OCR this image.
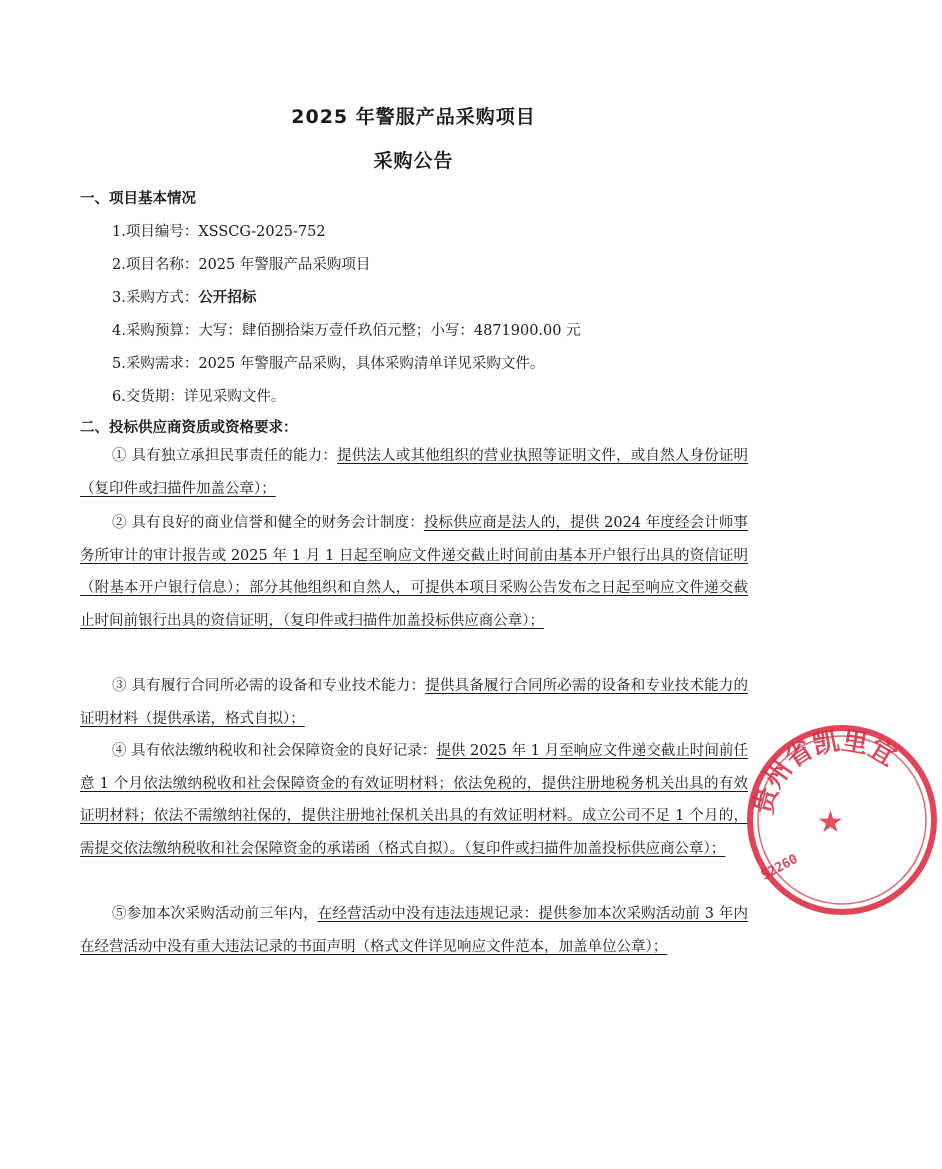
2025 年警服产品采购项目
采购公告
一、项目基本情况
1.项目编号：XSSCG-2025-752
2.项目名称：2025 年警服产品采购项目
3.采购方式：公开招标
4.采购预算：大写：肆佰捌拾柒万壹仟玖佰元整；小写：4871900.00 元
5.采购需求：2025 年警服产品采购，具体采购清单详见采购文件。
6.交货期：详见采购文件。
二、投标供应商资质或资格要求：
① 具有独立承担民事责任的能力：提供法人或其他组织的营业执照等证明文件，或自然人身份证明（复印件或扫描件加盖公章）；
② 具有良好的商业信誉和健全的财务会计制度：投标供应商是法人的，提供 2024 年度经会计师事务所审计的审计报告或 2025 年 1 月 1 日起至响应文件递交截止时间前由基本开户银行出具的资信证明（附基本开户银行信息）；部分其他组织和自然人，可提供本项目采购公告发布之日起至响应文件递交截止时间前银行出具的资信证明，（复印件或扫描件加盖投标供应商公章）；
③ 具有履行合同所必需的设备和专业技术能力：提供具备履行合同所必需的设备和专业技术能力的证明材料（提供承诺，格式自拟）；
④ 具有依法缴纳税收和社会保障资金的良好记录：提供 2025 年 1 月至响应文件递交截止时间前任意 1 个月依法缴纳税收和社会保障资金的有效证明材料；依法免税的，提供注册地税务机关出具的有效证明材料；依法不需缴纳社保的，提供注册地社保机关出具的有效证明材料。成立公司不足 1 个月的，需提交依法缴纳税收和社会保障资金的承诺函（格式自拟）。（复印件或扫描件加盖投标供应商公章）；
⑤参加本次采购活动前三年内，在经营活动中没有违法违规记录：提供参加本次采购活动前 3 年内在经营活动中没有重大违法记录的书面声明（格式文件详见响应文件范本，加盖单位公章）；
贵州省凯里宜
52260
★
